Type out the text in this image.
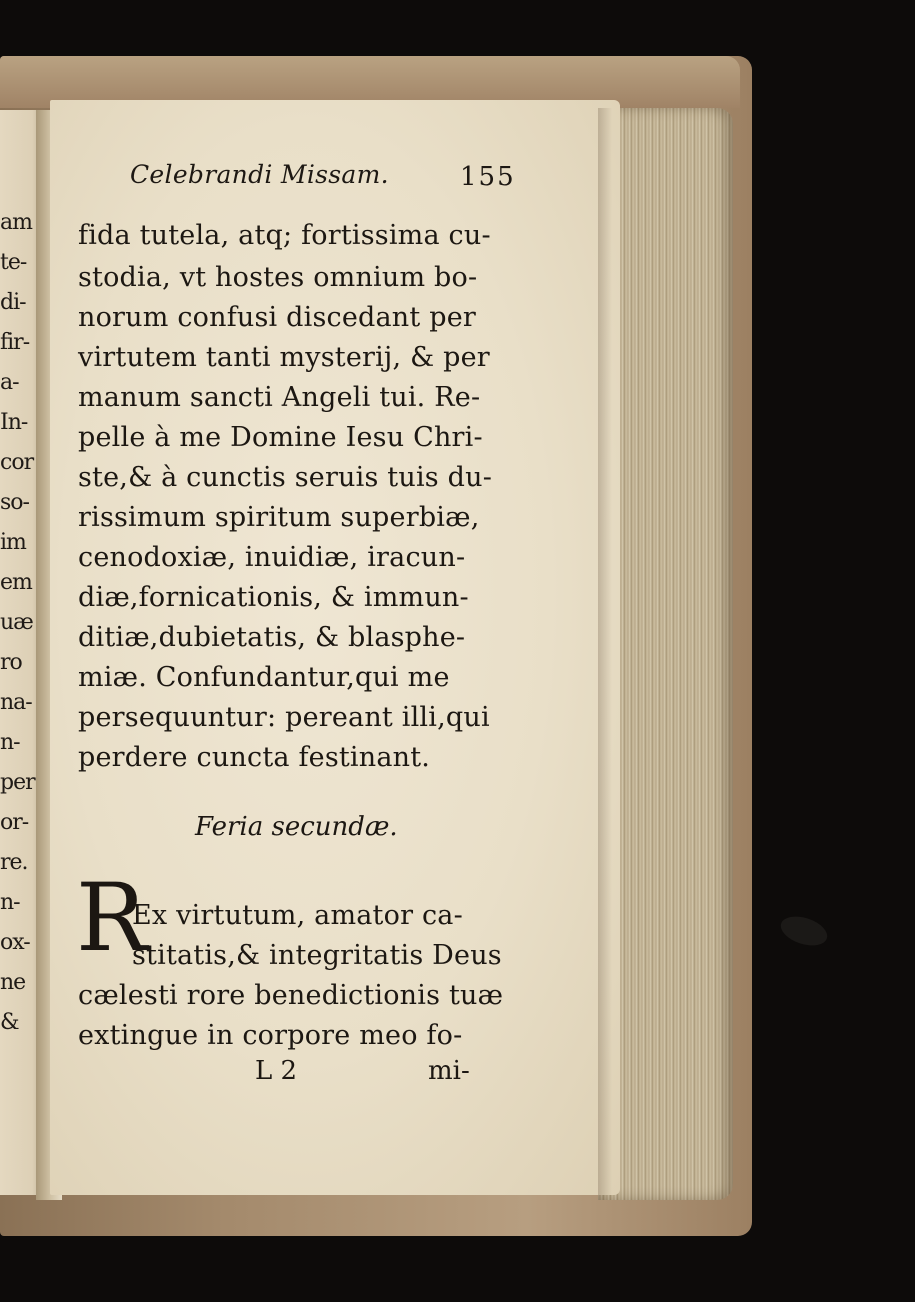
am
te-
di-
fir-
a-
In-
cor
so-
im
em
uæ
ro
na-
n-
per
or-
re.
n-
ox-
ne
&
Celebrandi Missam.	155
fida tutela, atq; fortissima cu-
stodia, vt hostes omnium bo-
norum confusi discedant per
virtutem tanti mysterij, & per
manum sancti Angeli tui. Re-
pelle à me Domine Iesu Chri-
ste,& à cunctis seruis tuis du-
rissimum spiritum superbiæ,
cenodoxiæ, inuidiæ, iracun-
diæ,fornicationis, & immun-
ditiæ,dubietatis, & blasphe-
miæ. Confundantur,qui me
persequuntur: pereant illi,qui
perdere cuncta festinant.
Feria secundæ.
R
Ex virtutum, amator ca-
stitatis,& integritatis Deus
cælesti rore benedictionis tuæ
extingue in corpore meo fo-
L 2	mi-
